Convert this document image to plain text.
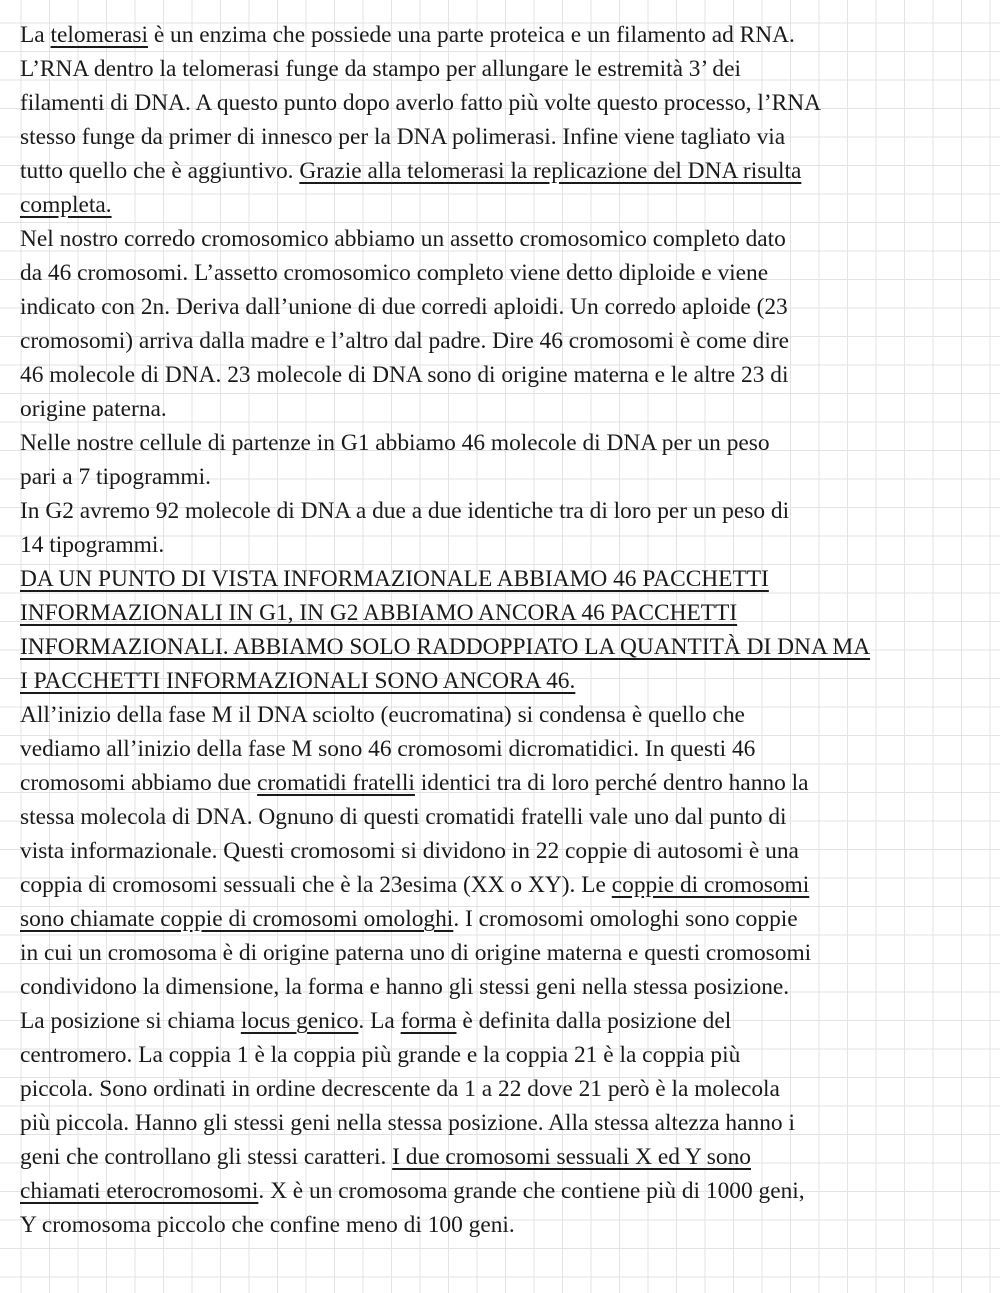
La telomerasi è un enzima che possiede una parte proteica e un filamento ad RNA.
L’RNA dentro la telomerasi funge da stampo per allungare le estremità 3’ dei
filamenti di DNA. A questo punto dopo averlo fatto più volte questo processo, l’RNA
stesso funge da primer di innesco per la DNA polimerasi. Infine viene tagliato via
tutto quello che è aggiuntivo. Grazie alla telomerasi la replicazione del DNA risulta
completa.
Nel nostro corredo cromosomico abbiamo un assetto cromosomico completo dato
da 46 cromosomi. L’assetto cromosomico completo viene detto diploide e viene
indicato con 2n. Deriva dall’unione di due corredi aploidi. Un corredo aploide (23
cromosomi) arriva dalla madre e l’altro dal padre. Dire 46 cromosomi è come dire
46 molecole di DNA. 23 molecole di DNA sono di origine materna e le altre 23 di
origine paterna.
Nelle nostre cellule di partenze in G1 abbiamo 46 molecole di DNA per un peso
pari a 7 tipogrammi.
In G2 avremo 92 molecole di DNA a due a due identiche tra di loro per un peso di
14 tipogrammi.
DA UN PUNTO DI VISTA INFORMAZIONALE ABBIAMO 46 PACCHETTI
INFORMAZIONALI IN G1, IN G2 ABBIAMO ANCORA 46 PACCHETTI
INFORMAZIONALI. ABBIAMO SOLO RADDOPPIATO LA QUANTITÀ DI DNA MA
I PACCHETTI INFORMAZIONALI SONO ANCORA 46.
All’inizio della fase M il DNA sciolto (eucromatina) si condensa è quello che
vediamo all’inizio della fase M sono 46 cromosomi dicromatidici. In questi 46
cromosomi abbiamo due cromatidi fratelli identici tra di loro perché dentro hanno la
stessa molecola di DNA. Ognuno di questi cromatidi fratelli vale uno dal punto di
vista informazionale. Questi cromosomi si dividono in 22 coppie di autosomi è una
coppia di cromosomi sessuali che è la 23esima (XX o XY). Le coppie di cromosomi
sono chiamate coppie di cromosomi omologhi. I cromosomi omologhi sono coppie
in cui un cromosoma è di origine paterna uno di origine materna e questi cromosomi
condividono la dimensione, la forma e hanno gli stessi geni nella stessa posizione.
La posizione si chiama locus genico. La forma è definita dalla posizione del
centromero. La coppia 1 è la coppia più grande e la coppia 21 è la coppia più
piccola. Sono ordinati in ordine decrescente da 1 a 22 dove 21 però è la molecola
più piccola. Hanno gli stessi geni nella stessa posizione. Alla stessa altezza hanno i
geni che controllano gli stessi caratteri. I due cromosomi sessuali X ed Y sono
chiamati eterocromosomi. X è un cromosoma grande che contiene più di 1000 geni,
Y cromosoma piccolo che confine meno di 100 geni.
